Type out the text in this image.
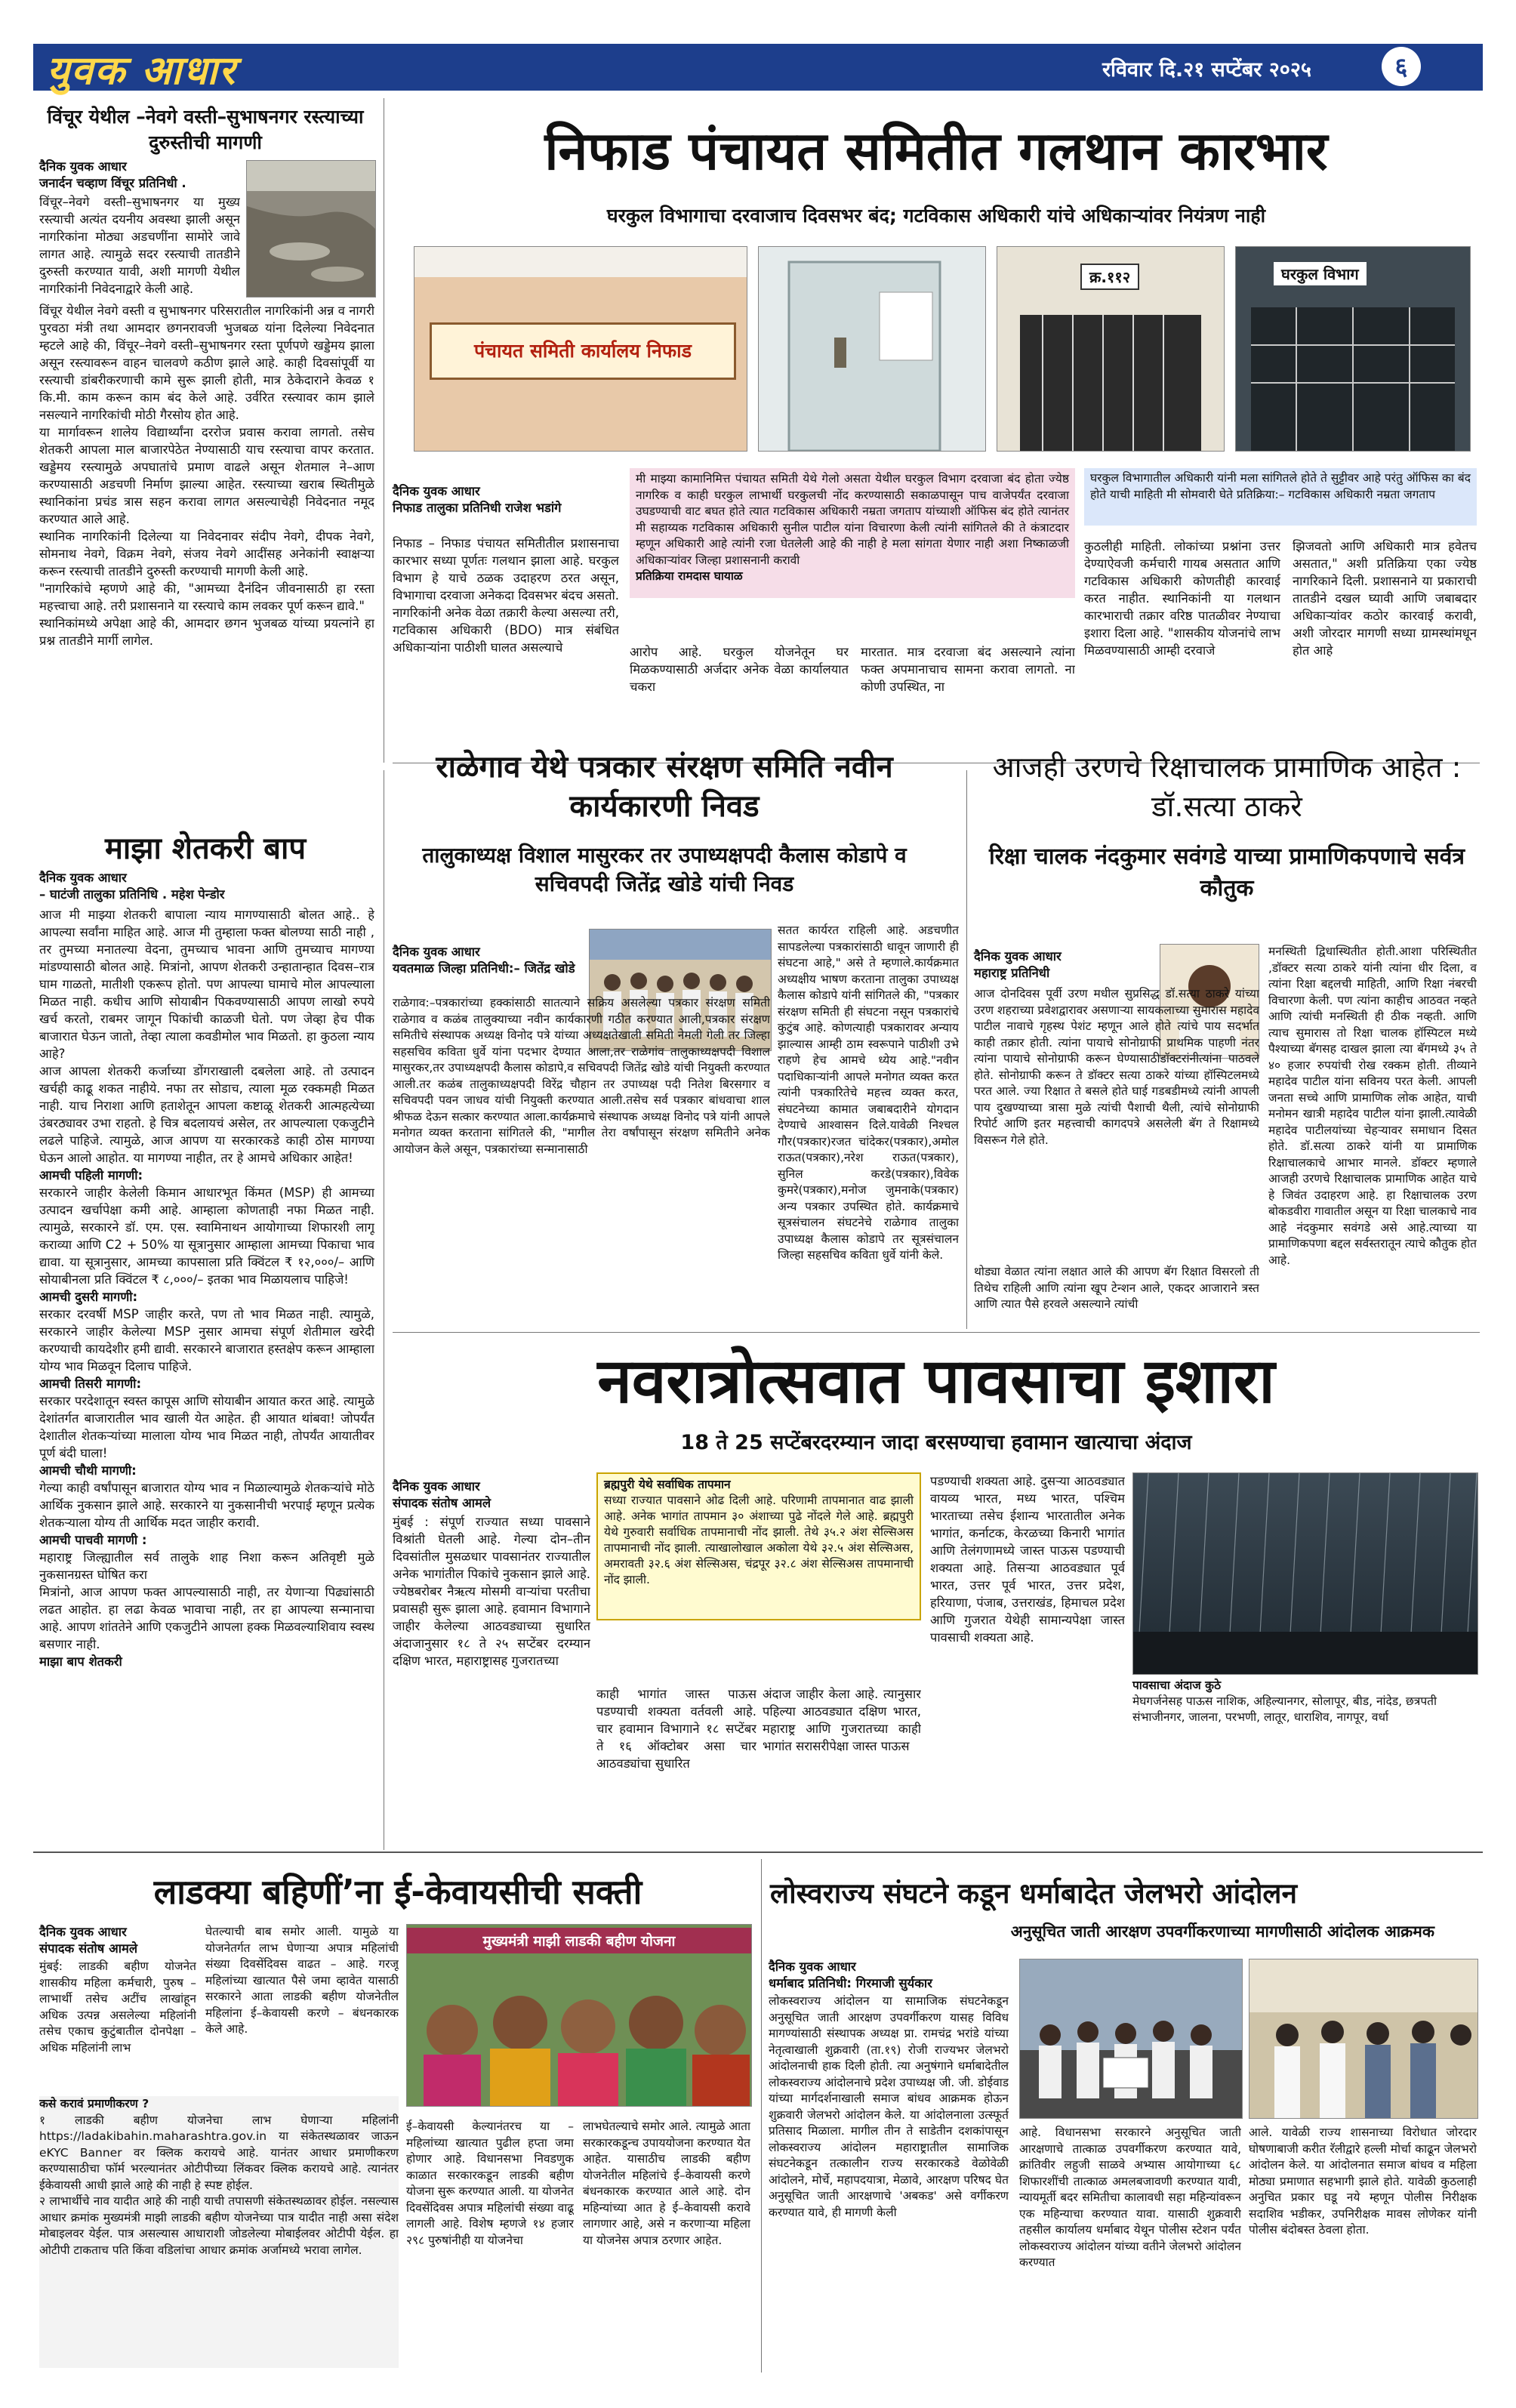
युवक आधार	रविवार दि.२१ सप्टेंबर २०२५	६
विंचूर येथील –नेवगे वस्ती–सुभाषनगर रस्त्याच्या दुरुस्तीची मागणी
दैनिक युवक आधार
जनार्दन चव्हाण विंचूर प्रतिनिधी .
विंचूर–नेवगे वस्ती–सुभाषनगर या मुख्य रस्त्याची अत्यंत दयनीय अवस्था झाली असून नागरिकांना मोठ्या अडचणींना सामोरे जावे लागत आहे. त्यामुळे सदर रस्त्याची तातडीने दुरुस्ती करण्यात यावी, अशी मागणी येथील नागरिकांनी निवेदनाद्वारे केली आहे.
विंचूर येथील नेवगे वस्ती व सुभाषनगर परिसरातील नागरिकांनी अन्न व नागरी पुरवठा मंत्री तथा आमदार छगनरावजी भुजबळ यांना दिलेल्या निवेदनात म्हटले आहे की, विंचूर–नेवगे वस्ती–सुभाषनगर रस्ता पूर्णपणे खड्डेमय झाला असून रस्त्यावरून वाहन चालवणे कठीण झाले आहे. काही दिवसांपूर्वी या रस्त्याची डांबरीकरणाची कामे सुरू झाली होती, मात्र ठेकेदाराने केवळ १ कि.मी. काम करून काम बंद केले आहे. उर्वरित रस्त्यावर काम झाले नसल्याने नागरिकांची मोठी गैरसोय होत आहे.
या मार्गावरून शालेय विद्यार्थ्यांना दररोज प्रवास करावा लागतो. तसेच शेतकरी आपला माल बाजारपेठेत नेण्यासाठी याच रस्त्याचा वापर करतात. खड्डेमय रस्त्यामुळे अपघातांचे प्रमाण वाढले असून शेतमाल ने–आण करण्यासाठी अडचणी निर्माण झाल्या आहेत. रस्त्याच्या खराब स्थितीमुळे स्थानिकांना प्रचंड त्रास सहन करावा लागत असल्याचेही निवेदनात नमूद करण्यात आले आहे.
स्थानिक नागरिकांनी दिलेल्या या निवेदनावर संदीप नेवगे, दीपक नेवगे, सोमनाथ नेवगे, विक्रम नेवगे, संजय नेवगे आदींसह अनेकांनी स्वाक्षऱ्या करून रस्त्याची तातडीने दुरुस्ती करण्याची मागणी केली आहे.
"नागरिकांचे म्हणणे आहे की, "आमच्या दैनंदिन जीवनासाठी हा रस्ता महत्त्वाचा आहे. तरी प्रशासनाने या रस्त्याचे काम लवकर पूर्ण करून द्यावे."
स्थानिकांमध्ये अपेक्षा आहे की, आमदार छगन भुजबळ यांच्या प्रयत्नांने हा प्रश्न तातडीने मार्गी लागेल.
निफाड पंचायत समितीत गलथान कारभार
घरकुल विभागाचा दरवाजाच दिवसभर बंद; गटविकास अधिकारी यांचे अधिकाऱ्यांवर नियंत्रण नाही
पंचायत समिती कार्यालय निफाड
क्र.११२	घरकुल विभाग
दैनिक युवक आधार
निफाड तालुका प्रतिनिधी राजेश भडांगे
निफाड – निफाड पंचायत समितीतील प्रशासनाचा कारभार सध्या पूर्णतः गलथान झाला आहे. घरकुल विभाग हे याचे ठळक उदाहरण ठरत असून, विभागाचा दरवाजा अनेकदा दिवसभर बंदच असतो. नागरिकांनी अनेक वेळा तक्रारी केल्या असल्या तरी, गटविकास अधिकारी (BDO) मात्र संबंधित अधिकाऱ्यांना पाठीशी घालत असल्याचे
मी माझ्या कामानिमित्त पंचायत समिती येथे गेलो असता येथील घरकुल विभाग दरवाजा बंद होता ज्येष्ठ नागरिक व काही घरकुल लाभार्थी घरकुलची नोंद करण्यासाठी सकाळपासून पाच वाजेपर्यंत दरवाजा उघडण्याची वाट बघत होते त्यात गटविकास अधिकारी नम्रता जगताप यांच्याशी ऑफिस बंद होते त्यानंतर मी सहाय्यक गटविकास अधिकारी सुनील पाटील यांना विचारणा केली त्यांनी सांगितले की ते कंत्राटदार म्हणून अधिकारी आहे त्यांनी रजा घेतलेली आहे की नाही हे मला सांगता येणार नाही अशा निष्काळजी अधिकाऱ्यांवर जिल्हा प्रशासनानी करावी
प्रतिक्रिया रामदास घायाळ
आरोप आहे. घरकुल योजनेतून घर मिळकण्यासाठी अर्जदार अनेक वेळा कार्यालयात चकरा
मारतात. मात्र दरवाजा बंद असल्याने त्यांना फक्त अपमानाचाच सामना करावा लागतो. ना कोणी उपस्थित, ना
घरकुल विभागातील अधिकारी यांनी मला सांगितले होते ते सुट्टीवर आहे परंतु ऑफिस का बंद होते याची माहिती मी सोमवारी घेते प्रतिक्रिया:– गटविकास अधिकारी नम्रता जगताप
कुठलीही माहिती. लोकांच्या प्रश्नांना उत्तर देण्याऐवजी कर्मचारी गायब असतात आणि गटविकास अधिकारी कोणतीही कारवाई करत नाहीत. स्थानिकांनी या गलथान कारभाराची तक्रार वरिष्ठ पातळीवर नेण्याचा इशारा दिला आहे. "शासकीय योजनांचे लाभ मिळवण्यासाठी आम्ही दरवाजे
झिजवतो आणि अधिकारी मात्र हवेतच असतात," अशी प्रतिक्रिया एका ज्येष्ठ नागरिकाने दिली. प्रशासनाने या प्रकाराची तातडीने दखल घ्यावी आणि जबाबदार अधिकाऱ्यांवर कठोर कारवाई करावी, अशी जोरदार मागणी सध्या ग्रामस्थांमधून होत आहे
माझा शेतकरी बाप
दैनिक युवक आधार
– घाटंजी तालुका प्रतिनिधि . महेश पेन्डोर
आज मी माझ्या शेतकरी बापाला न्याय मागण्यासाठी बोलत आहे.. हे आपल्या सर्वांना माहित आहे. आज मी तुम्हाला फक्त बोलण्या साठी नाही , तर तुमच्या मनातल्या वेदना, तुमच्याच भावना आणि तुमच्याच मागण्या मांडण्यासाठी बोलत आहे. मित्रांनो, आपण शेतकरी उन्हातान्हात दिवस–रात्र घाम गाळतो, मातीशी एकरूप होतो. पण आपल्या घामाचे मोल आपल्याला मिळत नाही. कधीच आणि सोयाबीन पिकवण्यासाठी आपण लाखो रुपये खर्च करतो, राबमर जागून पिकांची काळजी घेतो. पण जेव्हा हेच पीक बाजारात घेऊन जातो, तेव्हा त्याला कवडीमोल भाव मिळतो. हा कुठला न्याय आहे?
आज आपला शेतकरी कर्जाच्या डोंगराखाली दबलेला आहे. तो उत्पादन खर्चही काढू शकत नाहीये. नफा तर सोडाच, त्याला मूळ रक्कमही मिळत नाही. याच निराशा आणि हताशेतून आपला कष्टाळू शेतकरी आत्महत्येच्या उंबरठ्यावर उभा राहतो. हे चित्र बदलायचं असेल, तर आपल्याला एकजुटीने लढले पाहिजे. त्यामुळे, आज आपण या सरकारकडे काही ठोस मागण्या घेऊन आलो आहोत. या मागण्या नाहीत, तर हे आमचे अधिकार आहेत!
आमची पहिली मागणी:
सरकारने जाहीर केलेली किमान आधारभूत किंमत (MSP) ही आमच्या उत्पादन खर्चापेक्षा कमी आहे. आम्हाला कोणताही नफा मिळत नाही. त्यामुळे, सरकारने डॉ. एम. एस. स्वामिनाथन आयोगाच्या शिफारशी लागू कराव्या आणि C2 + 50% या सूत्रानुसार आम्हाला आमच्या पिकाचा भाव द्यावा. या सूत्रानुसार, आमच्या कापसाला प्रति क्विंटल ₹ १२,०००/– आणि सोयाबीनला प्रति क्विंटल ₹ ८,०००/– इतका भाव मिळायलाच पाहिजे!
आमची दुसरी मागणी:
सरकार दरवर्षी MSP जाहीर करते, पण तो भाव मिळत नाही. त्यामुळे, सरकारने जाहीर केलेल्या MSP नुसार आमचा संपूर्ण शेतीमाल खरेदी करण्याची कायदेशीर हमी द्यावी. सरकारने बाजारात हस्तक्षेप करून आम्हाला योग्य भाव मिळवून दिलाच पाहिजे.
आमची तिसरी मागणी:
सरकार परदेशातून स्वस्त कापूस आणि सोयाबीन आयात करत आहे. त्यामुळे देशांतर्गत बाजारातील भाव खाली येत आहेत. ही आयात थांबवा! जोपर्यंत देशातील शेतकऱ्यांच्या मालाला योग्य भाव मिळत नाही, तोपर्यंत आयातीवर पूर्ण बंदी घाला!
आमची चौथी मागणी:
गेल्या काही वर्षांपासून बाजारात योग्य भाव न मिळाल्यामुळे शेतकऱ्यांचे मोठे आर्थिक नुकसान झाले आहे. सरकारने या नुकसानीची भरपाई म्हणून प्रत्येक शेतकऱ्याला योग्य ती आर्थिक मदत जाहीर करावी.
आमची पाचवी मागणी :
महाराष्ट्र जिल्ह्यातील सर्व तालुके शाह निशा करून अतिवृष्टी मुळे नुकसानग्रस्त घोषित करा
मित्रांनो, आज आपण फक्त आपल्यासाठी नाही, तर येणाऱ्या पिढ्यांसाठी लढत आहोत. हा लढा केवळ भावाचा नाही, तर हा आपल्या सन्मानाचा आहे. आपण शांततेने आणि एकजुटीने आपला हक्क मिळवल्याशिवाय स्वस्थ बसणार नाही.
माझा बाप शेतकरी
राळेगाव येथे पत्रकार संरक्षण समिति नवीन कार्यकारणी निवड
तालुकाध्यक्ष विशाल मासुरकर तर उपाध्यक्षपदी कैलास कोडापे व सचिवपदी जितेंद्र खोडे यांची निवड
दैनिक युवक आधार
यवतमाळ जिल्हा प्रतिनिधी:– जितेंद्र खोडे
राळेगाव:–पत्रकारांच्या हक्कांसाठी सातत्याने सक्रिय असलेल्या पत्रकार संरक्षण समिती राळेगाव व कळंब तालुक्याच्या नवीन कार्यकारणी गठीत करण्यात आली,पत्रकार संरक्षण समितीचे संस्थापक अध्यक्ष विनोद पत्रे यांच्या अध्यक्षतेखाली समिती नेमली गेली तर जिल्हा सहसचिव कविता धुर्वे यांना पदभार देण्यात आला,तर राळेगांव तालुकाध्यक्षपदी विशाल मासुरकर,तर उपाध्यक्षपदी कैलास कोडापे,व सचिवपदी जितेंद्र खोडे यांची नियुक्ती करण्यात आली.तर कळंब तालुकाध्यक्षपदी विरेंद्र चौहान तर उपाध्यक्ष पदी नितेश बिरसगार व सचिवपदी पवन जाधव यांची नियुक्ती करण्यात आली.तसेच सर्व पत्रकार बांधवाचा शाल श्रीफळ देऊन सत्कार करण्यात आला.कार्यक्रमाचे संस्थापक अध्यक्ष विनोद पत्रे यांनी आपले मनोगत व्यक्त करताना सांगितले की, "मागील तेरा वर्षांपासून संरक्षण समितीने अनेक आयोजन केले असून, पत्रकारांच्या सन्मानासाठी
सतत कार्यरत राहिली आहे. अडचणीत सापडलेल्या पत्रकारांसाठी धावून जाणारी ही संघटना आहे," असे ते म्हणाले.कार्यक्रमात अध्यक्षीय भाषण करताना तालुका उपाध्यक्ष कैलास कोडापे यांनी सांगितले की, "पत्रकार संरक्षण समिती ही संघटना नसून पत्रकारांचे कुटुंब आहे. कोणत्याही पत्रकारावर अन्याय झाल्यास आम्ही ठाम स्वरूपाने पाठीशी उभे राहणे हेच आमचे ध्येय आहे."नवीन पदाधिकाऱ्यांनी आपले मनोगत व्यक्त करत त्यांनी पत्रकारितेचे महत्त्व व्यक्त करत, संघटनेच्या कामात जबाबदारीने योगदान देण्याचे आश्वासन दिले.यावेळी निश्चल गौर(पत्रकार)रजत चांदेकर(पत्रकार),अमोल राऊत(पत्रकार),नरेश राऊत(पत्रकार), सुनिल करडे(पत्रकार),विवेक कुमरे(पत्रकार),मनोज जुमनाके(पत्रकार) अन्य पत्रकार उपस्थित होते. कार्यक्रमाचे सूत्रसंचालन संघटनेचे राळेगाव तालुका उपाध्यक्ष कैलास कोडापे तर सूत्रसंचालन जिल्हा सहसचिव कविता धुर्वे यांनी केले.
आजही उरणचे रिक्षाचालक प्रामाणिक आहेत : डॉ.सत्या ठाकरे
रिक्षा चालक नंदकुमार सवंगडे याच्या प्रामाणिकपणाचे सर्वत्र कौतुक
दैनिक युवक आधार
महाराष्ट्र प्रतिनिधी
आज दोनदिवस पूर्वी उरण मधील सुप्रसिद्ध डॉ.सत्या ठाकरे यांच्या उरण शहराच्या प्रवेशद्वारावर असणाऱ्या सायकलाच्या सुमारास महादेव पाटील नावाचे गृहस्थ पेशंट म्हणून आले होते त्यांचे पाय सदर्भात काही तक्रार होती. त्यांना पायाचे सोनोग्राफी प्राथमिक पाहणी नंतर त्यांना पायाचे सोनोग्राफी करून घेण्यासाठीडॉक्टरांनीत्यांना पाठवले होते. सोनोग्राफी करून ते डॉक्टर सत्या ठाकरे यांच्या हॉस्पिटलमध्ये परत आले. ज्या रिक्षात ते बसले होते घाई गडबडीमध्ये त्यांनी आपली पाय दुखण्याच्या त्रासा मुळे त्यांची पैशाची थैली, त्यांचे सोनोग्राफी रिपोर्ट आणि इतर महत्त्वाची कागदपत्रे असलेली बॅग ते रिक्षामध्ये विसरून गेले होते.
थोड्या वेळात त्यांना लक्षात आले की आपण बॅग रिक्षात विसरलो ती तिथेच राहिली आणि त्यांना खूप टेन्शन आले, एकदर आजाराने त्रस्त आणि त्यात पैसे हरवले असल्याने त्यांची
मनस्थिती द्विधास्थितीत होती.आशा परिस्थितीत ,डॉक्टर सत्या ठाकरे यांनी त्यांना धीर दिला, व त्यांना रिक्षा बद्दलची माहिती, आणि रिक्षा नंबरची विचारणा केली. पण त्यांना काहीच आठवत नव्हते आणि त्यांची मनस्थिती ही ठीक नव्हती. आणि त्याच सुमारास तो रिक्षा चालक हॉस्पिटल मध्ये पैश्याच्या बॅगसह दाखल झाला त्या बॅगमध्ये ३५ ते ४० हजार रुपयांची रोख रक्कम होती. तीव्याने महादेव पाटील यांना सविनय परत केली. आपली जनता सच्चे आणि प्रामाणिक लोक आहेत, याची मनोमन खात्री महादेव पाटील यांना झाली.त्यावेळी महादेव पाटीलयांच्या चेहऱ्यावर समाधान दिसत होते. डॉ.सत्या ठाकरे यांनी या प्रामाणिक रिक्षाचालकाचे आभार मानले. डॉक्टर म्हणाले आजही उरणचे रिक्षाचालक प्रामाणिक आहेत याचे हे जिवंत उदाहरण आहे. हा रिक्षाचालक उरण बोकडवीरा गावातील असून या रिक्षा चालकाचे नाव आहे नंदकुमार सवंगडे असे आहे.त्याच्या या प्रामाणिकपणा बद्दल सर्वस्तरातून त्याचे कौतुक होत आहे.
नवरात्रोत्सवात पावसाचा इशारा
18 ते 25 सप्टेंबरदरम्यान जादा बरसण्याचा हवामान खात्याचा अंदाज
दैनिक युवक आधार
संपादक संतोष आमले
मुंबई : संपूर्ण राज्यात सध्या पावसाने विश्रांती घेतली आहे. गेल्या दोन–तीन दिवसांतील मुसळधार पावसानंतर राज्यातील अनेक भागांतील पिकांचे नुकसान झाले आहे. ज्येष्ठबरोबर नैऋत्य मोसमी वाऱ्यांचा परतीचा प्रवासही सुरू झाला आहे. हवामान विभागाने जाहीर केलेल्या आठवड्याच्या सुधारित अंदाजानुसार १८ ते २५ सप्टेंबर दरम्यान दक्षिण भारत, महाराष्ट्रासह गुजरातच्या
ब्रह्मपुरी येथे सर्वाधिक तापमान
सध्या राज्यात पावसाने ओढ दिली आहे. परिणामी तापमानात वाढ झाली आहे. अनेक भागांत तापमान ३० अंशाच्या पुढे नोंदले गेले आहे. ब्रह्मपुरी येथे गुरुवारी सर्वाधिक तापमानाची नोंद झाली. तेथे ३५.२ अंश सेल्सिअस तापमानाची नोंद झाली. त्याखालोखाल अकोला येथे ३२.५ अंश सेल्सिअस, अमरावती ३२.६ अंश सेल्सिअस, चंद्रपूर ३२.८ अंश सेल्सिअस तापमानाची नोंद झाली.
काही भागांत जास्त पाऊस पडण्याची शक्यता वर्तवली आहे. चार हवामान विभागाने १८ सप्टेंबर ते १६ ऑक्टोबर असा चार आठवड्यांचा सुधारित
अंदाज जाहीर केला आहे. त्यानुसार पहिल्या आठवड्यात दक्षिण भारत, महाराष्ट्र आणि गुजरातच्या काही भागांत सरासरीपेक्षा जास्त पाऊस
पडण्याची शक्यता आहे. दुसऱ्या आठवड्यात वायव्य भारत, मध्य भारत, पश्चिम भारताच्या तसेच ईशान्य भारतातील अनेक भागांत, कर्नाटक, केरळच्या किनारी भागांत आणि तेलंगणामध्ये जास्त पाऊस पडण्याची शक्यता आहे. तिसऱ्या आठवड्यात पूर्व भारत, उत्तर पूर्व भारत, उत्तर प्रदेश, हरियाणा, पंजाब, उत्तराखंड, हिमाचल प्रदेश आणि गुजरात येथेही सामान्यपेक्षा जास्त पावसाची शक्यता आहे.
पावसाचा अंदाज कुठे
मेघगर्जनेसह पाऊस नाशिक, अहिल्यानगर, सोलापूर, बीड, नांदेड, छत्रपती संभाजीनगर, जालना, परभणी, लातूर, धाराशिव, नागपूर, वर्धा
लाडक्या बहिणीं’ना ई-केवायसीची सक्ती
दैनिक युवक आधार
संपादक संतोष आमले
मुंबई: लाडकी बहीण योजनेत शासकीय महिला कर्मचारी, पुरुष – लाभार्थी तसेच अटींच लाखांहून अधिक उत्पन्न असलेल्या महिलांनी तसेच एकाच कुटुंबातील दोनपेक्षा –अधिक महिलांनी लाभ
घेतल्याची बाब समोर आली. यामुळे या योजनेतर्गत लाभ घेणाऱ्या अपात्र महिलांची संख्या दिवसेंदिवस वाढत – आहे. गरजू महिलांच्या खात्यात पैसे जमा व्हावेत यासाठी सरकारने आता लाडकी बहीण योजनेतील महिलांना ई–केवायसी करणे – बंधनकारक केले आहे.
मुख्यमंत्री माझी लाडकी बहीण योजना
कसे करावं प्रमाणीकरण ?
१ लाडकी बहीण योजनेचा लाभ घेणाऱ्या महिलांनी https://ladakibahin.maharashtra.gov.in या संकेतस्थळावर जाऊन eKYC Banner वर क्लिक करायचे आहे. यानंतर आधार प्रमाणीकरण करण्यासाठीचा फॉर्म भरल्यानंतर ओटीपीच्या लिंकवर क्लिक करायचे आहे. त्यानंतर ईकेवायसी आधी झाले आहे की नाही हे स्पष्ट होईल.
२ लाभार्थीचे नाव यादीत आहे की नाही याची तपासणी संकेतस्थळावर होईल. नसल्यास आधार क्रमांक मुख्यमंत्री माझी लाडकी बहीण योजनेच्या पात्र यादीत नाही असा संदेश मोबाइलवर येईल. पात्र असल्यास आधाराशी जोडलेल्या मोबाईलवर ओटीपी येईल. हा ओटीपी टाकताच पति किंवा वडिलांचा आधार क्रमांक अर्जामध्ये भरावा लागेल.
ई–केवायसी केल्यानंतरच या – महिलांच्या खात्यात पुढील हप्ता जमा होणार आहे. विधानसभा निवडणुक काळात सरकारकडून लाडकी बहीण योजना सुरू करण्यात आली. या योजनेत दिवसेंदिवस अपात्र महिलांची संख्या वाढू लागली आहे. विशेष म्हणजे १४ हजार २९८ पुरुषांनीही या योजनेचा
लाभघेतल्याचे समोर आले. त्यामुळे आता सरकारकडून्च उपाययोजना करण्यात येत आहेत. यासाठीच लाडकी बहीण योजनेतील महिलांचे ई–केवायसी करणे बंधनकारक करण्यात आले आहे. दोन महिन्यांच्या आत हे ई–केवायसी करावे लागणार आहे, असे न करणाऱ्या महिला या योजनेस अपात्र ठरणार आहेत.
लोस्वराज्य संघटने कडून धर्माबादेत जेलभरो आंदोलन
अनुसूचित जाती आरक्षण उपवर्गीकरणाच्या मागणीसाठी आंदोलक आक्रमक
दैनिक युवक आधार
धर्माबाद प्रतिनिधी: गिरमाजी सुर्यकार
लोकस्वराज्य आंदोलन या सामाजिक संघटनेकडून अनुसूचित जाती आरक्षण उपवर्गीकरण यासह विविध मागण्यांसाठी संस्थापक अध्यक्ष प्रा. रामचंद्र भरांडे यांच्या नेतृत्वाखाली शुक्रवारी (ता.१९) रोजी राज्यभर जेलभरो आंदोलनाची हाक दिली होती. त्या अनुषंगाने धर्माबादेतील लोकस्वराज्य आंदोलनाचे प्रदेश उपाध्यक्ष जी. जी. डोईवाड यांच्या मार्गदर्शनाखाली समाज बांधव आक्रमक होऊन शुक्रवारी जेलभरो आंदोलन केले. या आंदोलनाला उत्स्फूर्त प्रतिसाद मिळाला. मागील तीन ते साडेतीन दशकांपासून लोकस्वराज्य आंदोलन महाराष्ट्रातील सामाजिक संघटनेकडून तत्कालीन राज्य सरकारकडे वेळोवेळी आंदोलने, मोर्चे, महापदयात्रा, मेळावे, आरक्षण परिषद घेत अनुसूचित जाती आरक्षणाचे 'अबकड' असे वर्गीकरण करण्यात यावे, ही मागणी केली
आहे. विधानसभा सरकारने अनुसूचित जाती आरक्षणाचे तात्काळ उपवर्गीकरण करण्यात यावे, क्रांतिवीर लहुजी साळवे अभ्यास आयोगाच्या ६८ शिफारशींची तात्काळ अमलबजावणी करण्यात यावी, न्यायमूर्ती बदर समितीचा कालावधी सहा महिन्यांवरून एक महिन्याचा करण्यात यावा. यासाठी शुक्रवारी तहसील कार्यालय धर्माबाद येथून पोलीस स्टेशन पर्यंत लोकस्वराज्य आंदोलन यांच्या वतीने जेलभरो आंदोलन करण्यात
आले. यावेळी राज्य शासनाच्या विरोधात जोरदार घोषणाबाजी करीत रॅलीद्वारे हल्ली मोर्चा काढून जेलभरो आंदोलन केले. या आंदोलनात समाज बांधव व महिला मोठ्या प्रमाणात सहभागी झाले होते. यावेळी कुठलाही अनुचित प्रकार घडू नये म्हणून पोलीस निरीक्षक सदाशिव भडीकर, उपनिरीक्षक मावस लोणेकर यांनी पोलीस बंदोबस्त ठेवला होता.
